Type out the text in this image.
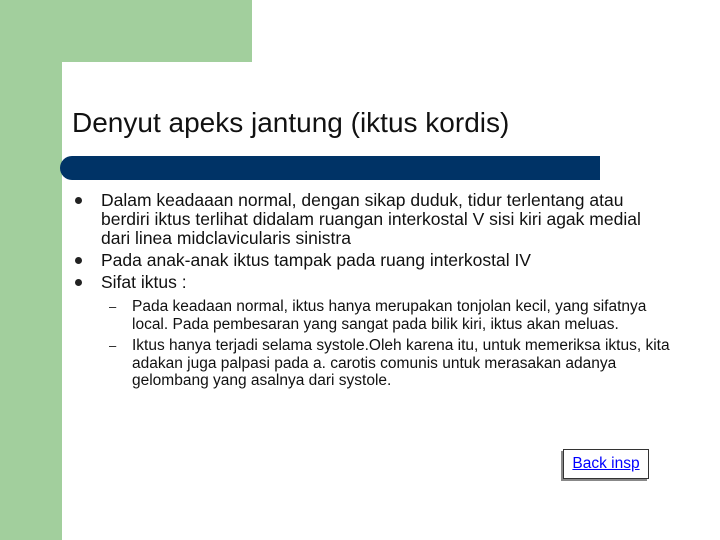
Denyut apeks jantung (iktus kordis)
Dalam keadaaan normal, dengan sikap duduk, tidur terlentang atau berdiri iktus terlihat didalam ruangan interkostal V sisi kiri agak medial dari linea midclavicularis sinistra
Pada anak-anak iktus tampak pada ruang interkostal IV
Sifat iktus :
– Pada keadaan normal, iktus hanya merupakan tonjolan kecil, yang sifatnya local. Pada pembesaran yang sangat pada bilik kiri, iktus akan meluas.
– Iktus hanya terjadi selama systole.Oleh karena itu, untuk memeriksa iktus, kita adakan juga palpasi pada a. carotis comunis untuk merasakan adanya gelombang yang asalnya dari systole.
Back insp
